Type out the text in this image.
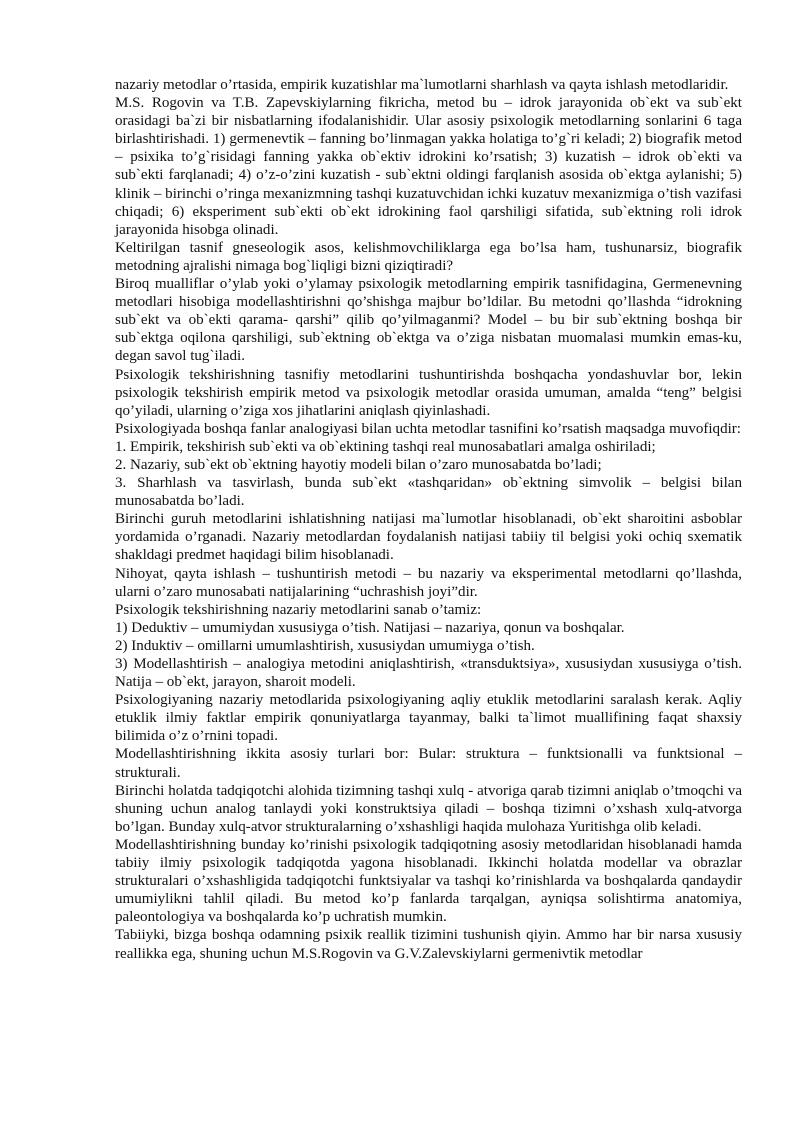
nazariy metodlar o’rtasida, empirik kuzatishlar ma`lumotlarni sharhlash va qayta ishlash metodlaridir.

M.S. Rogovin va T.B. Zapevskiylarning fikricha, metod bu – idrok jarayonida ob`ekt va sub`ekt orasidagi ba`zi bir nisbatlarning ifodalanishidir. Ular asosiy psixologik metodlarning sonlarini 6 taga birlashtirishadi. 1) germenevtik – fanning bo’linmagan yakka holatiga to’g`ri keladi; 2) biografik metod – psixika to’g`risidagi fanning yakka ob`ektiv idrokini ko’rsatish; 3) kuzatish – idrok ob`ekti va sub`ekti farqlanadi; 4) o’z-o’zini kuzatish - sub`ektni oldingi farqlanish asosida ob`ektga aylanishi; 5) klinik – birinchi o’ringa mexanizmning tashqi kuzatuvchidan ichki kuzatuv mexanizmiga o’tish vazifasi chiqadi; 6) eksperiment sub`ekti ob`ekt idrokining faol qarshiligi sifatida, sub`ektning roli idrok jarayonida hisobga olinadi.

Keltirilgan tasnif gneseologik asos, kelishmovchiliklarga ega bo’lsa ham, tushunarsiz, biografik metodning ajralishi nimaga bog`liqligi bizni qiziqtiradi?

Biroq mualliflar o’ylab yoki o’ylamay psixologik metodlarning empirik tasnifidagina, Germenevning metodlari hisobiga modellashtirishni qo’shishga majbur bo’ldilar. Bu metodni qo’llashda “idrokning sub`ekt va ob`ekti qarama- qarshi” qilib qo’yilmaganmi? Model – bu bir sub`ektning boshqa bir sub`ektga oqilona qarshiligi, sub`ektning ob`ektga va o’ziga nisbatan muomalasi mumkin emas-ku, degan savol tug`iladi.

Psixologik tekshirishning tasnifiy metodlarini tushuntirishda boshqacha yondashuvlar bor, lekin psixologik tekshirish empirik metod va psixologik metodlar orasida umuman, amalda “teng” belgisi qo’yiladi, ularning o’ziga xos jihatlarini aniqlash qiyinlashadi.

Psixologiyada boshqa fanlar analogiyasi bilan uchta metodlar tasnifini ko’rsatish maqsadga muvofiqdir:

1. Empirik, tekshirish sub`ekti va ob`ektining tashqi real munosabatlari amalga oshiriladi;

2. Nazariy, sub`ekt ob`ektning hayotiy modeli bilan o’zaro munosabatda bo’ladi;

3. Sharhlash va tasvirlash, bunda sub`ekt «tashqaridan» ob`ektning simvolik – belgisi bilan munosabatda bo’ladi.

Birinchi guruh metodlarini ishlatishning natijasi ma`lumotlar hisoblanadi, ob`ekt sharoitini asboblar yordamida o’rganadi. Nazariy metodlardan foydalanish natijasi tabiiy til belgisi yoki ochiq sxematik shakldagi predmet haqidagi bilim hisoblanadi.

Nihoyat, qayta ishlash – tushuntirish metodi – bu nazariy va eksperimental metodlarni qo’llashda, ularni o’zaro munosabati natijalarining “uchrashish joyi”dir.

Psixologik tekshirishning nazariy metodlarini sanab o’tamiz:

1) Deduktiv – umumiydan xususiyga o’tish. Natijasi – nazariya, qonun va boshqalar.

2) Induktiv – omillarni umumlashtirish, xususiydan umumiyga o’tish.

3) Modellashtirish – analogiya metodini aniqlashtirish, «transduktsiya», xususiydan xususiyga o’tish. Natija – ob`ekt, jarayon, sharoit modeli.

Psixologiyaning nazariy metodlarida psixologiyaning aqliy etuklik metodlarini saralash kerak. Aqliy etuklik ilmiy faktlar empirik qonuniyatlarga tayanmay, balki ta`limot muallifining faqat shaxsiy bilimida o’z o’rnini topadi.

Modellashtirishning ikkita asosiy turlari bor: Bular: struktura – funktsionalli va funktsional – strukturali.

Birinchi holatda tadqiqotchi alohida tizimning tashqi xulq - atvoriga qarab tizimni aniqlab o’tmoqchi va shuning uchun analog tanlaydi yoki konstruktsiya qiladi – boshqa tizimni o’xshash xulq-atvorga bo’lgan. Bunday xulq-atvor strukturalarning o’xshashligi haqida mulohaza Yuritishga olib keladi.

Modellashtirishning bunday ko’rinishi psixologik tadqiqotning asosiy metodlaridan hisoblanadi hamda tabiiy ilmiy psixologik tadqiqotda yagona hisoblanadi. Ikkinchi holatda modellar va obrazlar strukturalari o’xshashligida tadqiqotchi funktsiyalar va tashqi ko’rinishlarda va boshqalarda qandaydir umumiylikni tahlil qiladi. Bu metod ko’p fanlarda tarqalgan, ayniqsa solishtirma anatomiya, paleontologiya va boshqalarda ko’p uchratish mumkin.

Tabiiyki, bizga boshqa odamning psixik reallik tizimini tushunish qiyin. Ammo har bir narsa xususiy reallikka ega, shuning uchun M.S.Rogovin va G.V.Zalevskiylarni germenivtik metodlar
